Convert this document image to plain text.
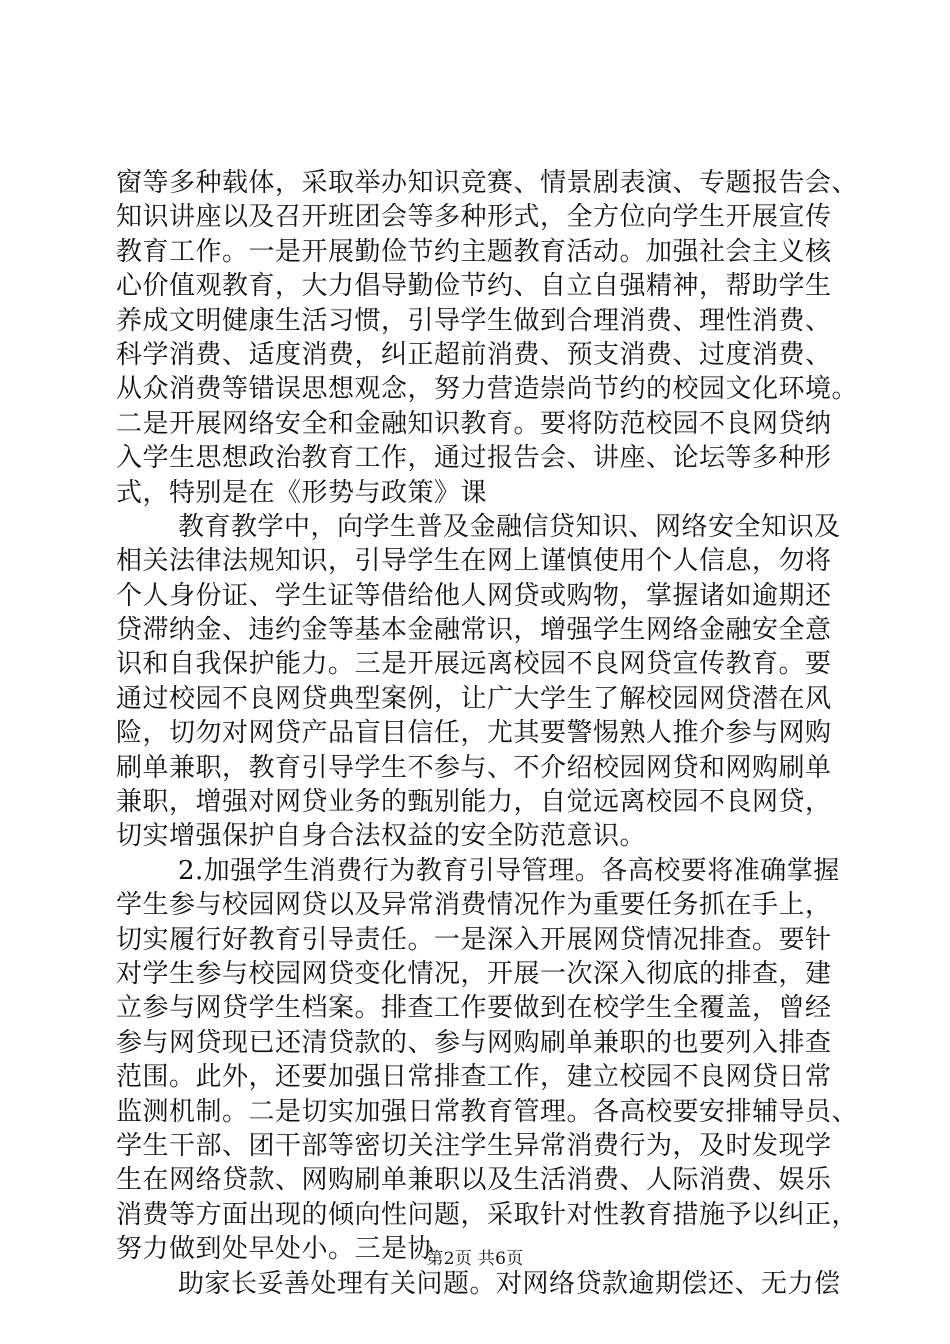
窗等多种载体，采取举办知识竞赛、情景剧表演、专题报告会、
知识讲座以及召开班团会等多种形式，全方位向学生开展宣传
教育工作。一是开展勤俭节约主题教育活动。加强社会主义核
心价值观教育，大力倡导勤俭节约、自立自强精神，帮助学生
养成文明健康生活习惯，引导学生做到合理消费、理性消费、
科学消费、适度消费，纠正超前消费、预支消费、过度消费、
从众消费等错误思想观念，努力营造崇尚节约的校园文化环境。
二是开展网络安全和金融知识教育。要将防范校园不良网贷纳
入学生思想政治教育工作，通过报告会、讲座、论坛等多种形
式，特别是在《形势与政策》课
教育教学中，向学生普及金融信贷知识、网络安全知识及
相关法律法规知识，引导学生在网上谨慎使用个人信息，勿将
个人身份证、学生证等借给他人网贷或购物，掌握诸如逾期还
贷滞纳金、违约金等基本金融常识，增强学生网络金融安全意
识和自我保护能力。三是开展远离校园不良网贷宣传教育。要
通过校园不良网贷典型案例，让广大学生了解校园网贷潜在风
险，切勿对网贷产品盲目信任，尤其要警惕熟人推介参与网购
刷单兼职，教育引导学生不参与、不介绍校园网贷和网购刷单
兼职，增强对网贷业务的甄别能力，自觉远离校园不良网贷，
切实增强保护自身合法权益的安全防范意识。
2.加强学生消费行为教育引导管理。各高校要将准确掌握
学生参与校园网贷以及异常消费情况作为重要任务抓在手上，
切实履行好教育引导责任。一是深入开展网贷情况排查。要针
对学生参与校园网贷变化情况，开展一次深入彻底的排查，建
立参与网贷学生档案。排查工作要做到在校学生全覆盖，曾经
参与网贷现已还清贷款的、参与网购刷单兼职的也要列入排查
范围。此外，还要加强日常排查工作，建立校园不良网贷日常
监测机制。二是切实加强日常教育管理。各高校要安排辅导员、
学生干部、团干部等密切关注学生异常消费行为，及时发现学
生在网络贷款、网购刷单兼职以及生活消费、人际消费、娱乐
消费等方面出现的倾向性问题，采取针对性教育措施予以纠正，
努力做到处早处小。三是协
助家长妥善处理有关问题。对网络贷款逾期偿还、无力偿
第2页 共6页
